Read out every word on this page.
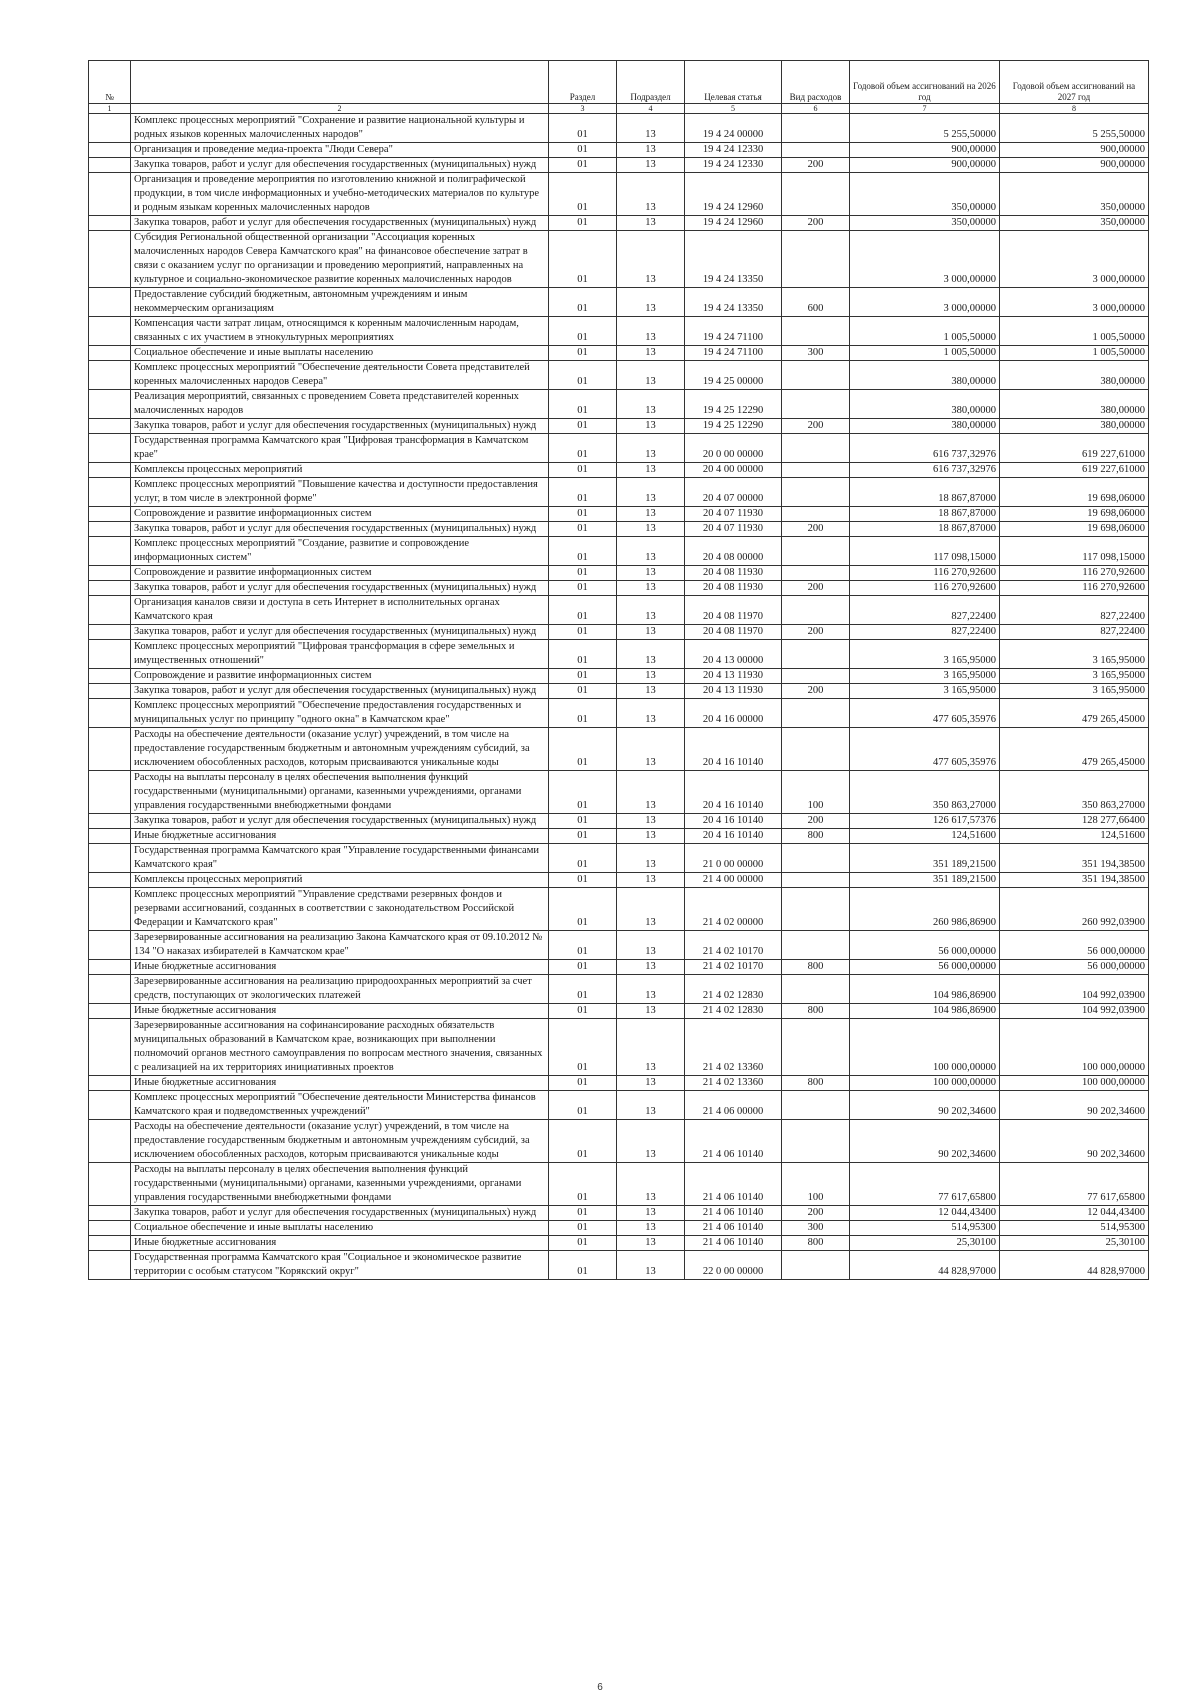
№		Раздел	Подраздел	Целевая статья	Вид расходов	Годовой объем ассигнований на 2026 год	Годовой объем ассигнований на 2027 год
1	2	3	4	5	6	7	8
	Комплекс процессных мероприятий "Сохранение и развитие национальной культуры и родных языков коренных малочисленных народов"	01	13	19 4 24 00000		5 255,50000	5 255,50000
	Организация и проведение медиа-проекта "Люди Севера"	01	13	19 4 24 12330		900,00000	900,00000
	Закупка товаров, работ и услуг для обеспечения государственных (муниципальных) нужд	01	13	19 4 24 12330	200	900,00000	900,00000
	Организация и проведение мероприятия по изготовлению книжной и полиграфической продукции, в том числе информационных и учебно-методических материалов по культуре и родным языкам коренных малочисленных народов	01	13	19 4 24 12960		350,00000	350,00000
	Закупка товаров, работ и услуг для обеспечения государственных (муниципальных) нужд	01	13	19 4 24 12960	200	350,00000	350,00000
	Субсидия Региональной общественной организации "Ассоциация коренных малочисленных народов Севера Камчатского края" на финансовое обеспечение затрат в связи с оказанием услуг по организации и проведению мероприятий, направленных на культурное и социально-экономическое развитие коренных малочисленных народов	01	13	19 4 24 13350		3 000,00000	3 000,00000
	Предоставление субсидий бюджетным, автономным учреждениям и иным некоммерческим организациям	01	13	19 4 24 13350	600	3 000,00000	3 000,00000
	Компенсация части затрат лицам, относящимся к коренным малочисленным народам, связанных с их участием в этнокультурных мероприятиях	01	13	19 4 24 71100		1 005,50000	1 005,50000
	Социальное обеспечение и иные выплаты населению	01	13	19 4 24 71100	300	1 005,50000	1 005,50000
	Комплекс процессных мероприятий "Обеспечение деятельности Совета представителей коренных малочисленных народов Севера"	01	13	19 4 25 00000		380,00000	380,00000
	Реализация мероприятий, связанных с проведением Совета представителей коренных малочисленных народов	01	13	19 4 25 12290		380,00000	380,00000
	Закупка товаров, работ и услуг для обеспечения государственных (муниципальных) нужд	01	13	19 4 25 12290	200	380,00000	380,00000
	Государственная программа Камчатского края "Цифровая трансформация в Камчатском крае"	01	13	20 0 00 00000		616 737,32976	619 227,61000
	Комплексы процессных мероприятий	01	13	20 4 00 00000		616 737,32976	619 227,61000
	Комплекс процессных мероприятий "Повышение качества и доступности предоставления услуг, в том числе в электронной форме"	01	13	20 4 07 00000		18 867,87000	19 698,06000
	Сопровождение и развитие информационных систем	01	13	20 4 07 11930		18 867,87000	19 698,06000
	Закупка товаров, работ и услуг для обеспечения государственных (муниципальных) нужд	01	13	20 4 07 11930	200	18 867,87000	19 698,06000
	Комплекс процессных мероприятий "Создание, развитие и сопровождение информационных систем"	01	13	20 4 08 00000		117 098,15000	117 098,15000
	Сопровождение и развитие информационных систем	01	13	20 4 08 11930		116 270,92600	116 270,92600
	Закупка товаров, работ и услуг для обеспечения государственных (муниципальных) нужд	01	13	20 4 08 11930	200	116 270,92600	116 270,92600
	Организация каналов связи и доступа в сеть Интернет в исполнительных органах Камчатского края	01	13	20 4 08 11970		827,22400	827,22400
	Закупка товаров, работ и услуг для обеспечения государственных (муниципальных) нужд	01	13	20 4 08 11970	200	827,22400	827,22400
	Комплекс процессных мероприятий "Цифровая трансформация в сфере земельных и имущественных отношений"	01	13	20 4 13 00000		3 165,95000	3 165,95000
	Сопровождение и развитие информационных систем	01	13	20 4 13 11930		3 165,95000	3 165,95000
	Закупка товаров, работ и услуг для обеспечения государственных (муниципальных) нужд	01	13	20 4 13 11930	200	3 165,95000	3 165,95000
	Комплекс процессных мероприятий "Обеспечение предоставления государственных и муниципальных услуг по принципу "одного окна" в Камчатском крае"	01	13	20 4 16 00000		477 605,35976	479 265,45000
	Расходы на обеспечение деятельности (оказание услуг) учреждений, в том числе на предоставление государственным бюджетным и автономным учреждениям субсидий, за исключением обособленных расходов, которым присваиваются уникальные коды	01	13	20 4 16 10140		477 605,35976	479 265,45000
	Расходы на выплаты персоналу в целях обеспечения выполнения функций государственными (муниципальными) органами, казенными учреждениями, органами управления государственными внебюджетными фондами	01	13	20 4 16 10140	100	350 863,27000	350 863,27000
	Закупка товаров, работ и услуг для обеспечения государственных (муниципальных) нужд	01	13	20 4 16 10140	200	126 617,57376	128 277,66400
	Иные бюджетные ассигнования	01	13	20 4 16 10140	800	124,51600	124,51600
	Государственная программа Камчатского края "Управление государственными финансами Камчатского края"	01	13	21 0 00 00000		351 189,21500	351 194,38500
	Комплексы процессных мероприятий	01	13	21 4 00 00000		351 189,21500	351 194,38500
	Комплекс процессных мероприятий "Управление средствами резервных фондов и резервами ассигнований, созданных в соответствии с законодательством Российской Федерации и Камчатского края"	01	13	21 4 02 00000		260 986,86900	260 992,03900
	Зарезервированные ассигнования на реализацию Закона Камчатского края от 09.10.2012 № 134 "О наказах избирателей в Камчатском крае"	01	13	21 4 02 10170		56 000,00000	56 000,00000
	Иные бюджетные ассигнования	01	13	21 4 02 10170	800	56 000,00000	56 000,00000
	Зарезервированные ассигнования на реализацию природоохранных мероприятий за счет средств, поступающих от экологических платежей	01	13	21 4 02 12830		104 986,86900	104 992,03900
	Иные бюджетные ассигнования	01	13	21 4 02 12830	800	104 986,86900	104 992,03900
	Зарезервированные ассигнования на софинансирование расходных обязательств муниципальных образований в Камчатском крае, возникающих при выполнении полномочий органов местного самоуправления по вопросам местного значения, связанных с реализацией на их территориях инициативных проектов	01	13	21 4 02 13360		100 000,00000	100 000,00000
	Иные бюджетные ассигнования	01	13	21 4 02 13360	800	100 000,00000	100 000,00000
	Комплекс процессных мероприятий "Обеспечение деятельности Министерства финансов Камчатского края и подведомственных учреждений"	01	13	21 4 06 00000		90 202,34600	90 202,34600
	Расходы на обеспечение деятельности (оказание услуг) учреждений, в том числе на предоставление государственным бюджетным и автономным учреждениям субсидий, за исключением обособленных расходов, которым присваиваются уникальные коды	01	13	21 4 06 10140		90 202,34600	90 202,34600
	Расходы на выплаты персоналу в целях обеспечения выполнения функций государственными (муниципальными) органами, казенными учреждениями, органами управления государственными внебюджетными фондами	01	13	21 4 06 10140	100	77 617,65800	77 617,65800
	Закупка товаров, работ и услуг для обеспечения государственных (муниципальных) нужд	01	13	21 4 06 10140	200	12 044,43400	12 044,43400
	Социальное обеспечение и иные выплаты населению	01	13	21 4 06 10140	300	514,95300	514,95300
	Иные бюджетные ассигнования	01	13	21 4 06 10140	800	25,30100	25,30100
	Государственная программа Камчатского края "Социальное и экономическое развитие территории с особым статусом "Корякский округ"	01	13	22 0 00 00000		44 828,97000	44 828,97000
6
